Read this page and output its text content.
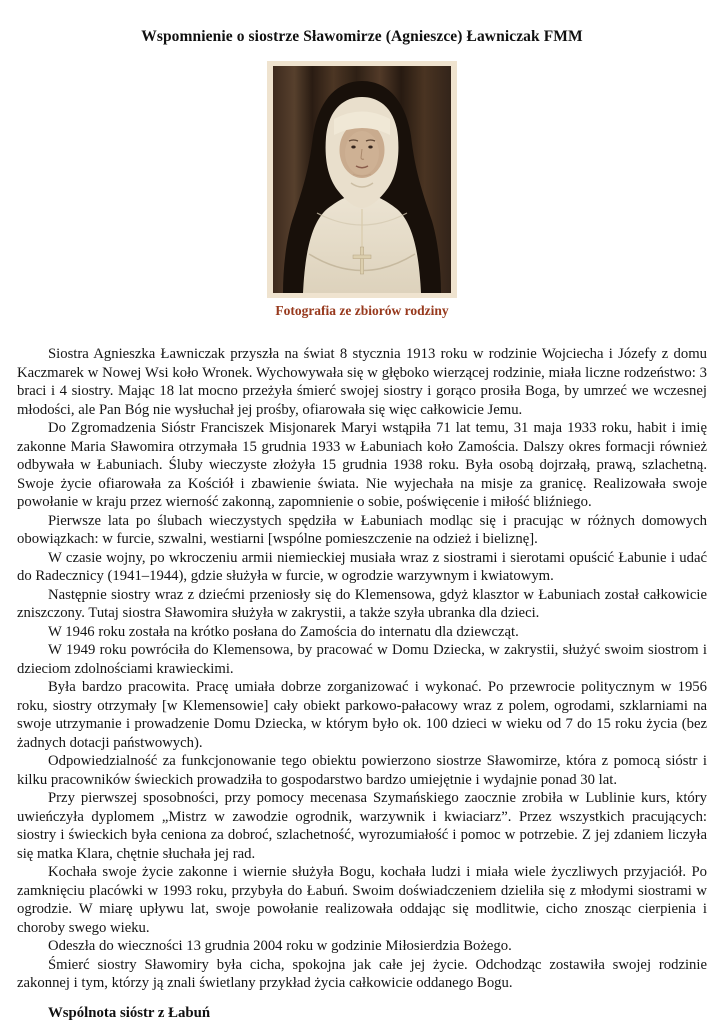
Wspomnienie o siostrze Sławomirze (Agnieszce) Ławniczak FMM
Fotografia ze zbiorów rodziny

Siostra Agnieszka Ławniczak przyszła na świat 8 stycznia 1913 roku w rodzinie Wojciecha i Józefy z domu Kaczmarek w Nowej Wsi koło Wronek. Wychowywała się w głęboko wierzącej rodzinie, miała liczne rodzeństwo: 3 braci i 4 siostry. Mając 18 lat mocno przeżyła śmierć swojej siostry i gorąco prosiła Boga, by umrzeć we wczesnej młodości, ale Pan Bóg nie wysłuchał jej prośby, ofiarowała się więc całkowicie Jemu.

Do Zgromadzenia Sióstr Franciszek Misjonarek Maryi wstąpiła 71 lat temu, 31 maja 1933 roku, habit i imię zakonne Maria Sławomira otrzymała 15 grudnia 1933 w Łabuniach koło Zamościa. Dalszy okres formacji również odbywała w Łabuniach. Śluby wieczyste złożyła 15 grudnia 1938 roku. Była osobą dojrzałą, prawą, szlachetną. Swoje życie ofiarowała za Kościół i zbawienie świata. Nie wyjechała na misje za granicę. Realizowała swoje powołanie w kraju przez wierność zakonną, zapomnienie o sobie, poświęcenie i miłość bliźniego.

Pierwsze lata po ślubach wieczystych spędziła w Łabuniach modląc się i pracując w różnych domowych obowiązkach: w furcie, szwalni, westiarni [wspólne pomieszczenie na odzież i bieliznę].

W czasie wojny, po wkroczeniu armii niemieckiej musiała wraz z siostrami i sierotami opuścić Łabunie i udać do Radecznicy (1941–1944), gdzie służyła w furcie, w ogrodzie warzywnym i kwiatowym.

Następnie siostry wraz z dziećmi przeniosły się do Klemensowa, gdyż klasztor w Łabuniach został całkowicie zniszczony. Tutaj siostra Sławomira służyła w zakrystii, a także szyła ubranka dla dzieci.

W 1946 roku została na krótko posłana do Zamościa do internatu dla dziewcząt.

W 1949 roku powróciła do Klemensowa, by pracować w Domu Dziecka, w zakrystii, służyć swoim siostrom i dzieciom zdolnościami krawieckimi.

Była bardzo pracowita. Pracę umiała dobrze zorganizować i wykonać. Po przewrocie politycznym w 1956 roku, siostry otrzymały [w Klemensowie] cały obiekt parkowo-pałacowy wraz z polem, ogrodami, szklarniami na swoje utrzymanie i prowadzenie Domu Dziecka, w którym było ok. 100 dzieci w wieku od 7 do 15 roku życia (bez żadnych dotacji państwowych).

Odpowiedzialność za funkcjonowanie tego obiektu powierzono siostrze Sławomirze, która z pomocą sióstr i kilku pracowników świeckich prowadziła to gospodarstwo bardzo umiejętnie i wydajnie ponad 30 lat.

Przy pierwszej sposobności, przy pomocy mecenasa Szymańskiego zaocznie zrobiła w Lublinie kurs, który uwieńczyła dyplomem „Mistrz w zawodzie ogrodnik, warzywnik i kwiaciarz”. Przez wszystkich pracujących: siostry i świeckich była ceniona za dobroć, szlachetność, wyrozumiałość i pomoc w potrzebie. Z jej zdaniem liczyła się matka Klara, chętnie słuchała jej rad.

Kochała swoje życie zakonne i wiernie służyła Bogu, kochała ludzi i miała wiele życzliwych przyjaciół. Po zamknięciu placówki w 1993 roku, przybyła do Łabuń. Swoim doświadczeniem dzieliła się z młodymi siostrami w ogrodzie. W miarę upływu lat, swoje powołanie realizowała oddając się modlitwie, cicho znosząc cierpienia i choroby swego wieku.

Odeszła do wieczności 13 grudnia 2004 roku w godzinie Miłosierdzia Bożego.

Śmierć siostry Sławomiry była cicha, spokojna jak całe jej życie. Odchodząc zostawiła swojej rodzinie zakonnej i tym, którzy ją znali świetlany przykład życia całkowicie oddanego Bogu.

Wspólnota sióstr z Łabuń
